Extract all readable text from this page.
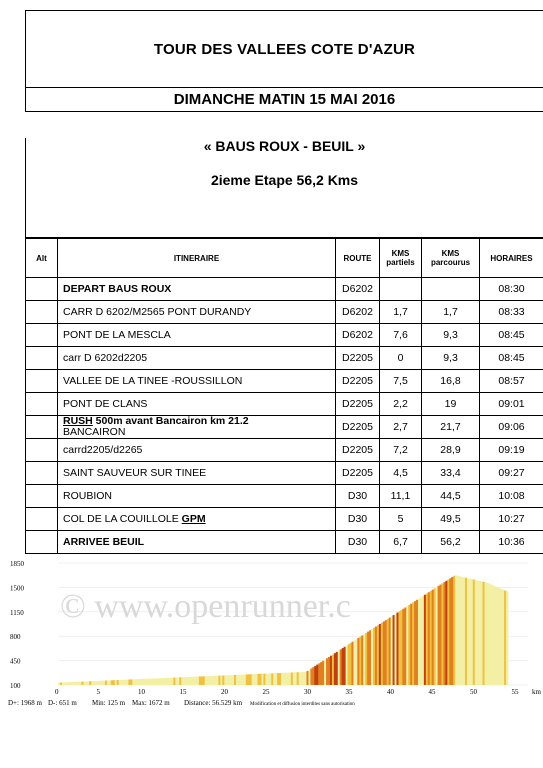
TOUR DES VALLEES COTE D'AZUR
DIMANCHE MATIN 15 MAI 2016
« BAUS ROUX - BEUIL »
2ieme Etape 56,2 Kms
Alt	ITINERAIRE	ROUTE	KMS partiels	KMS parcourus	HORAIRES
	DEPART BAUS ROUX	D6202			08:30
	CARR D 6202/M2565 PONT DURANDY	D6202	1,7	1,7	08:33
	PONT DE LA MESCLA	D6202	7,6	9,3	08:45
	carr D 6202d2205	D2205	0	9,3	08:45
	VALLEE DE LA TINEE -ROUSSILLON	D2205	7,5	16,8	08:57
	PONT DE CLANS	D2205	2,2	19	09:01
	RUSH 500m avant Bancairon km 21.2
BANCAIRON	D2205	2,7	21,7	09:06
	carrd2205/d2265	D2205	7,2	28,9	09:19
	SAINT SAUVEUR SUR TINEE	D2205	4,5	33,4	09:27
	ROUBION	D30	11,1	44,5	10:08
	COL DE LA COUILLOLE GPM	D30	5	49,5	10:27
	ARRIVEE BEUIL	D30	6,7	56,2	10:36
1850
1500
1150
800
450
100
0	5	10	15	20	25	30	35	40	45	50	55 km
© www.openrunner.c
D+: 1968 m D-: 651 m Min: 125 m Max: 1672 m Distance: 56.529 km Modification et diffusion interdites sans autorisation
